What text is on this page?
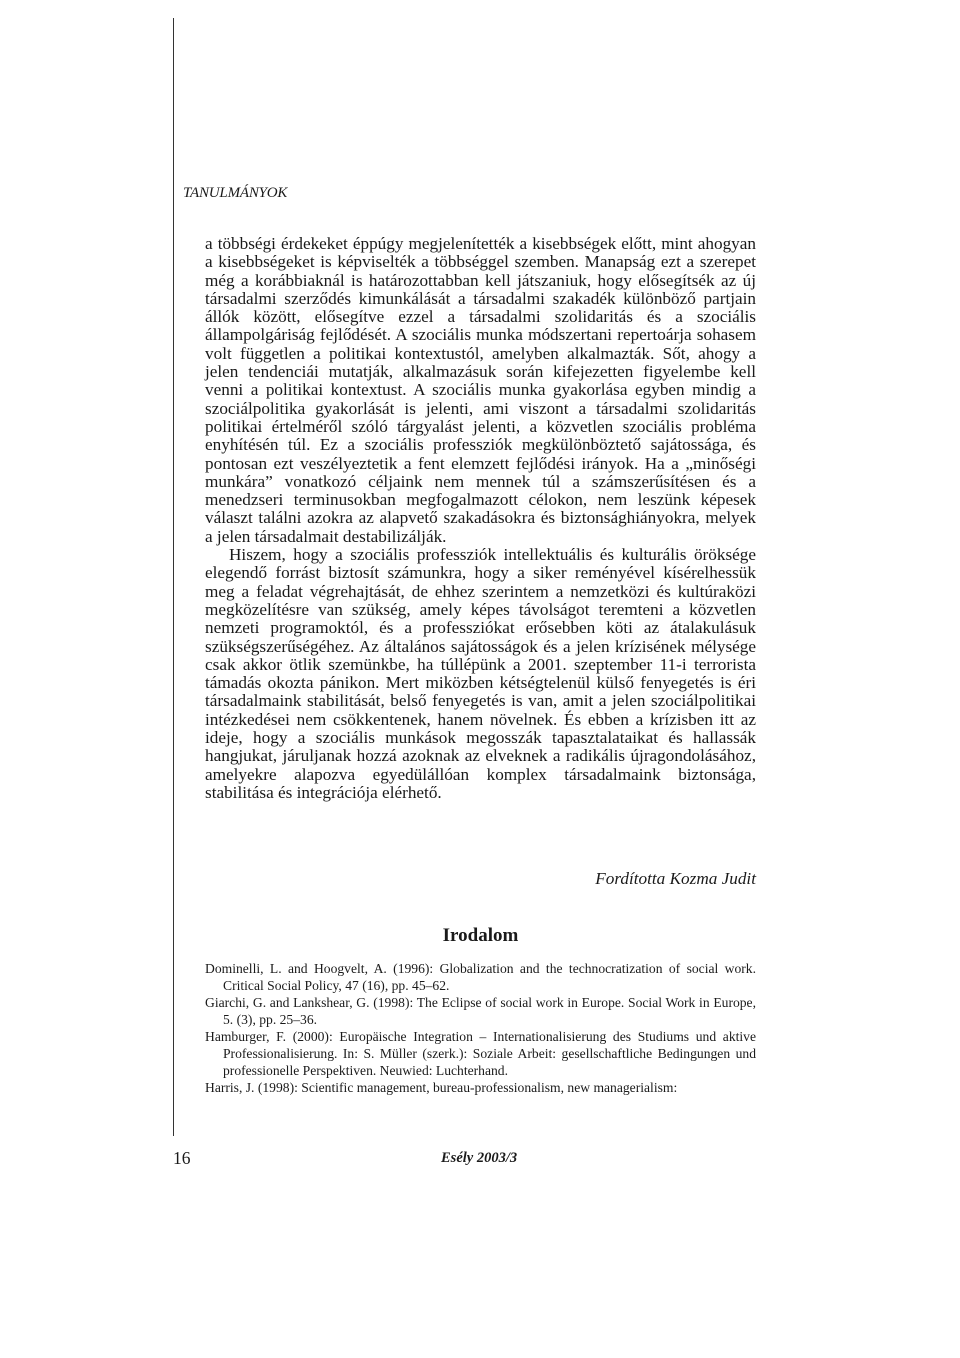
TANULMÁNYOK

a többségi érdekeket éppúgy megjelenítették a kisebbségek előtt, mint ahogyan a kisebbségeket is képviselték a többséggel szemben. Manapság ezt a szerepet még a korábbiaknál is határozottabban kell játszaniuk, hogy elősegítsék az új társadalmi szerződés kimunkálását a társadalmi szakadék különböző partjain állók között, elősegítve ezzel a társadalmi szolidaritás és a szociális állampolgáriság fejlődését. A szociális munka módszertani repertoárja sohasem volt független a politikai kontextustól, amelyben alkalmazták. Sőt, ahogy a jelen tendenciái mutatják, alkalmazásuk során kifejezetten figyelembe kell venni a politikai kontextust. A szociális munka gyakorlása egyben mindig a szociálpolitika gyakorlását is jelenti, ami viszont a társadalmi szolidaritás politikai értelméről szóló tárgyalást jelenti, a közvetlen szociális probléma enyhítésén túl. Ez a szociális professziók megkülönböztető sajátossága, és pontosan ezt veszélyeztetik a fent elemzett fejlődési irányok. Ha a „minőségi munkára” vonatkozó céljaink nem mennek túl a számszerűsítésen és a menedzseri terminusokban megfogalmazott célokon, nem leszünk képesek választ találni azokra az alapvető szakadásokra és biztonsághiányokra, melyek a jelen társadalmait destabilizálják.

Hiszem, hogy a szociális professziók intellektuális és kulturális öröksége elegendő forrást biztosít számunkra, hogy a siker reményével kísérelhessük meg a feladat végrehajtását, de ehhez szerintem a nemzetközi és kultúraközi megközelítésre van szükség, amely képes távolságot teremteni a közvetlen nemzeti programoktól, és a professziókat erősebben köti az átalakulásuk szükségszerűségéhez. Az általános sajátosságok és a jelen krízisének mélysége csak akkor ötlik szemünkbe, ha túllépünk a 2001. szeptember 11-i terrorista támadás okozta pánikon. Mert miközben kétségtelenül külső fenyegetés is éri társadalmaink stabilitását, belső fenyegetés is van, amit a jelen szociálpolitikai intézkedései nem csökkentenek, hanem növelnek. És ebben a krízisben itt az ideje, hogy a szociális munkások megosszák tapasztalataikat és hallassák hangjukat, járuljanak hozzá azoknak az elveknek a radikális újragondolásához, amelyekre alapozva egyedülállóan komplex társadalmaink biztonsága, stabilitása és integrációja elérhető.

Fordította Kozma Judit
Irodalom
Dominelli, L. and Hoogvelt, A. (1996): Globalization and the technocratization of social work. Critical Social Policy, 47 (16), pp. 45–62.
Giarchi, G. and Lankshear, G. (1998): The Eclipse of social work in Europe. Social Work in Europe, 5. (3), pp. 25–36.
Hamburger, F. (2000): Europäische Integration – Internationalisierung des Studiums und aktive Professionalisierung. In: S. Müller (szerk.): Soziale Arbeit: gesellschaftliche Bedingungen und professionelle Perspektiven. Neuwied: Luchterhand.
Harris, J. (1998): Scientific management, bureau-professionalism, new managerialism:
16	Esély 2003/3
